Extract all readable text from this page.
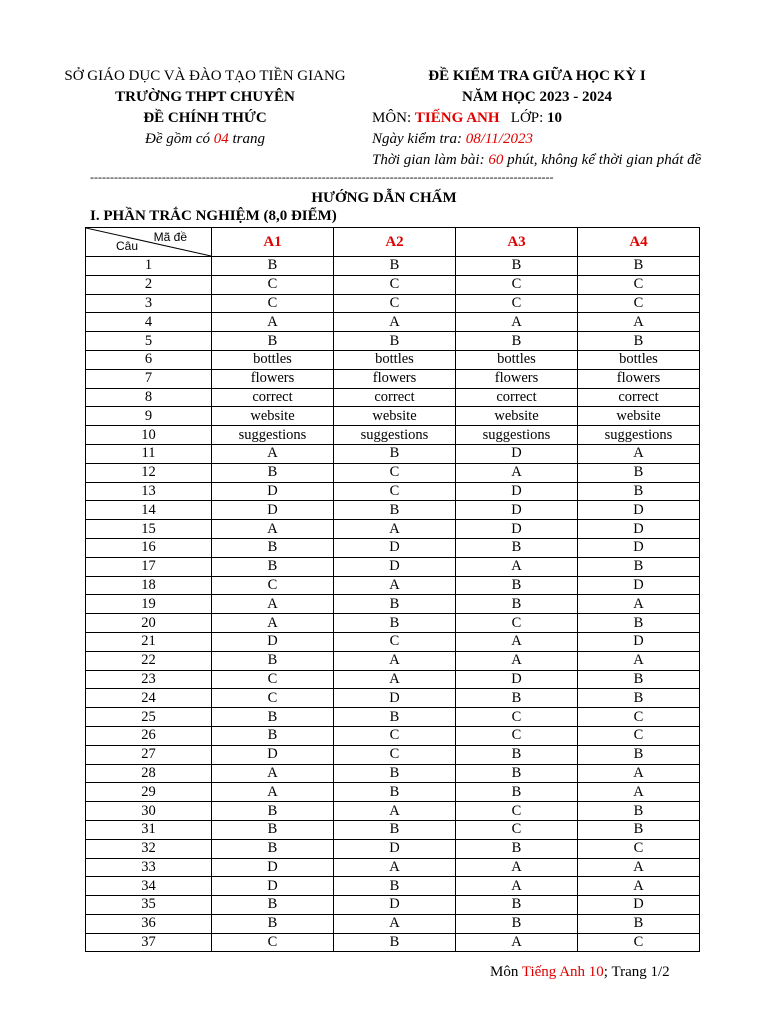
SỞ GIÁO DỤC VÀ ĐÀO TẠO TIỀN GIANG
TRƯỜNG THPT CHUYÊN
ĐỀ CHÍNH THỨC
Đề gồm có 04 trang
ĐỀ KIỂM TRA GIỮA HỌC KỲ I
NĂM HỌC 2023 - 2024
MÔN: TIẾNG ANH   LỚP: 10
Ngày kiểm tra: 08/11/2023
Thời gian làm bài: 60 phút, không kể thời gian phát đề
--------------------------------------------------------------------------------------------------------------------
HƯỚNG DẪN CHẤM
I. PHẦN TRẮC NGHIỆM (8,0 ĐIỂM)
Mã đề
Câu	A1	A2	A3	A4
1	B	B	B	B
2	C	C	C	C
3	C	C	C	C
4	A	A	A	A
5	B	B	B	B
6	bottles	bottles	bottles	bottles
7	flowers	flowers	flowers	flowers
8	correct	correct	correct	correct
9	website	website	website	website
10	suggestions	suggestions	suggestions	suggestions
11	A	B	D	A
12	B	C	A	B
13	D	C	D	B
14	D	B	D	D
15	A	A	D	D
16	B	D	B	D
17	B	D	A	B
18	C	A	B	D
19	A	B	B	A
20	A	B	C	B
21	D	C	A	D
22	B	A	A	A
23	C	A	D	B
24	C	D	B	B
25	B	B	C	C
26	B	C	C	C
27	D	C	B	B
28	A	B	B	A
29	A	B	B	A
30	B	A	C	B
31	B	B	C	B
32	B	D	B	C
33	D	A	A	A
34	D	B	A	A
35	B	D	B	D
36	B	A	B	B
37	C	B	A	C
Môn Tiếng Anh 10; Trang 1/2
